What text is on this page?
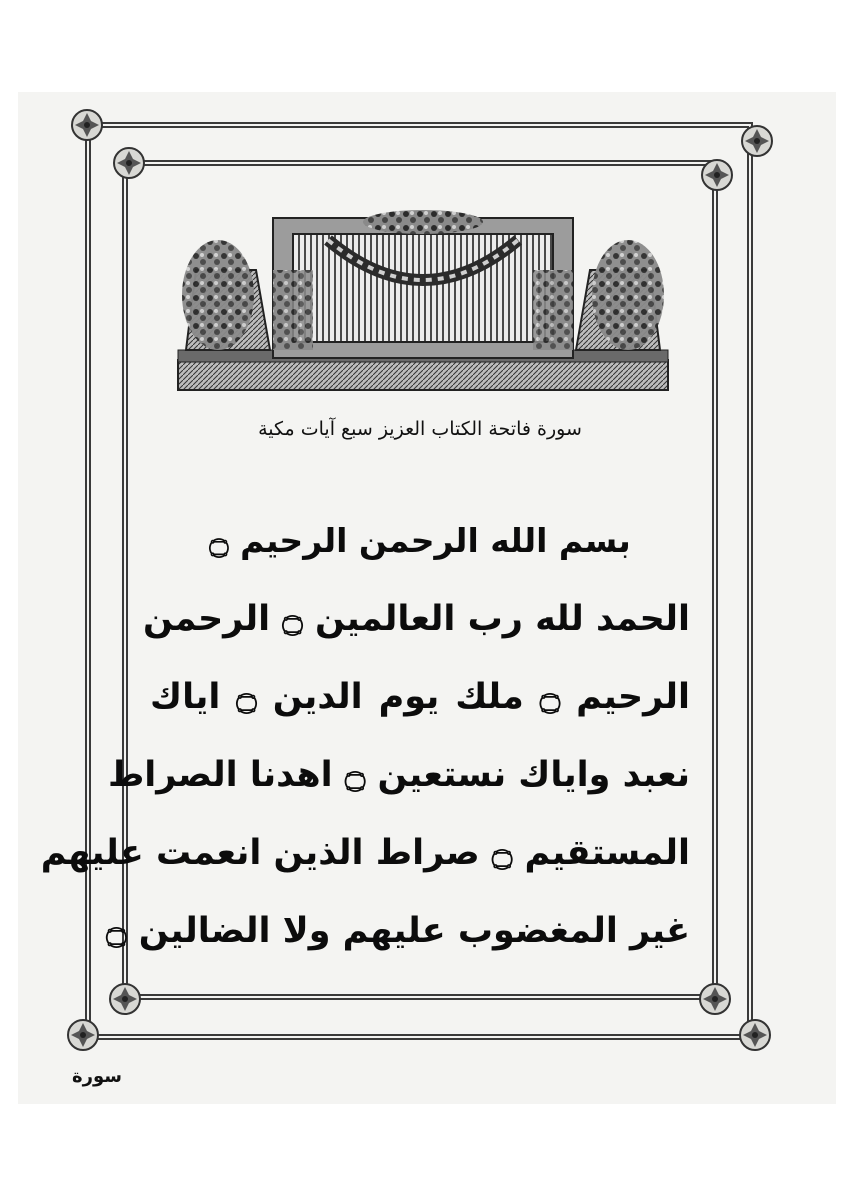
سورة فاتحة الكتاب العزيز سبع آيات مكية
بسم الله الرحمن الرحيم ۝
الحمد لله رب العالمين ۝ الرحمن
الرحيم ۝ ملك يوم الدين ۝ اياك
نعبد واياك نستعين ۝ اهدنا الصراط
المستقيم ۝ صراط الذين انعمت عليهم
غير المغضوب عليهم ولا الضالين ۝
سورة
